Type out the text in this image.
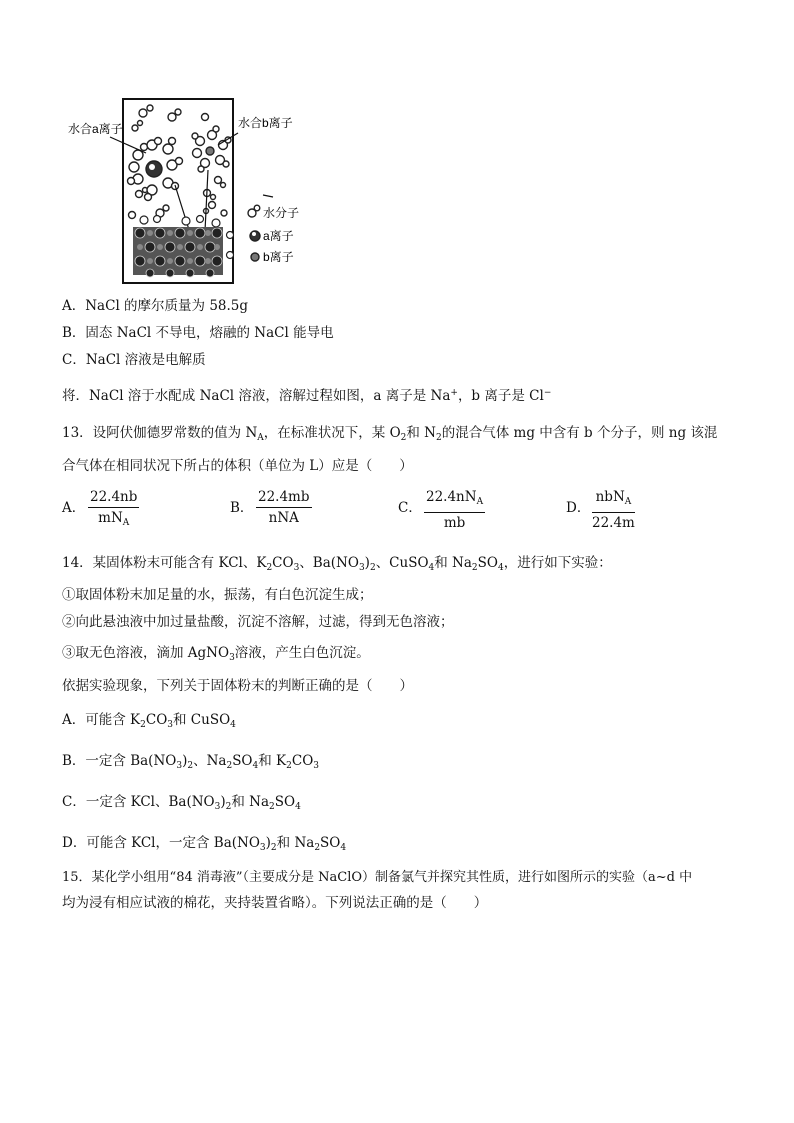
水合a离子	水合b离子
水分子
a离子
b离子
A．NaCl 的摩尔质量为 58.5g
B．固态 NaCl 不导电，熔融的 NaCl 能导电
C．NaCl 溶液是电解质
将．NaCl 溶于水配成 NaCl 溶液，溶解过程如图，a 离子是 Na+，b 离子是 Cl−
13．设阿伏伽德罗常数的值为 $N_A$，在标准状况下，某 $O_2$和 $N_2$的混合气体 mg 中含有 b 个分子，则 ng 该混
合气体在相同状况下所占的体积（单位为 L）应是（　　）
A．
22.4nb
$mN_A$
B．
22.4mb
nNA
C．
$22.4nN_A$
mb
D．
nbN$_A$
22.4m
14．某固体粉末可能含有 KCl、$K_2CO_3$、$Ba(NO_3)_2$、CuSO$_4$和 $Na_2SO_4$，进行如下实验：
①取固体粉末加足量的水，振荡，有白色沉淀生成；
②向此悬浊液中加过量盐酸，沉淀不溶解，过滤，得到无色溶液；
③取无色溶液，滴加 AgNO$_3$溶液，产生白色沉淀。
依据实验现象，下列关于固体粉末的判断正确的是（　　）
A．可能含 $K_2CO_3$和 CuSO$_4$
B．一定含 $Ba(NO_3)_2$、$Na_2SO_4$和 $K_2CO_3$
C．一定含 KCl、$Ba(NO_3)_2$和 $Na_2SO_4$
D．可能含 KCl，一定含 $Ba(NO_3)_2$和 $Na_2SO_4$
15．某化学小组用“84 消毒液”（主要成分是 NaClO）制备氯气并探究其性质，进行如图所示的实验（a~d 中
均为浸有相应试液的棉花，夹持装置省略）。下列说法正确的是（　　）
